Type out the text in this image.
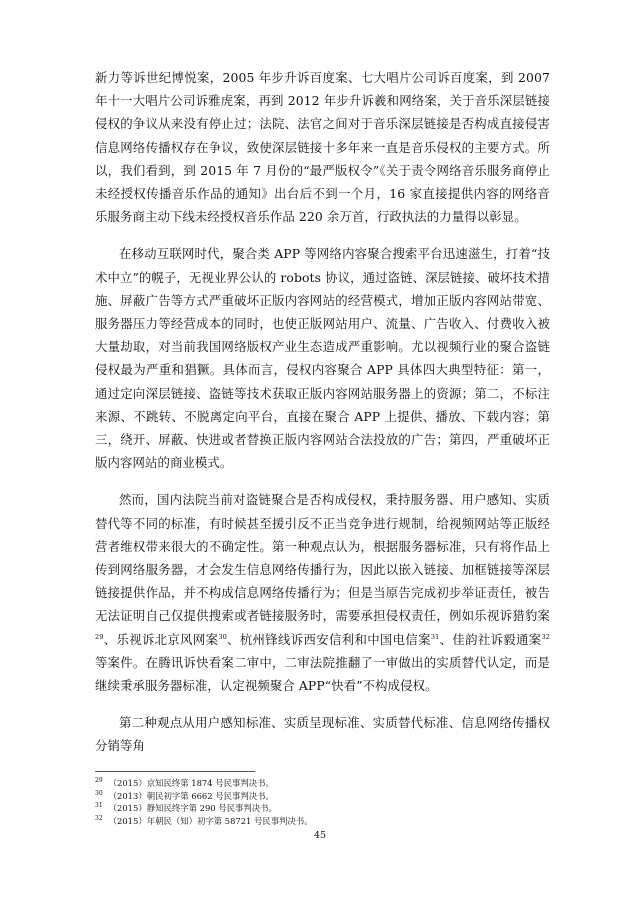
新力等诉世纪博悦案，2005 年步升诉百度案、七大唱片公司诉百度案，到 2007 年十一大唱片公司诉雅虎案，再到 2012 年步升诉羲和网络案，关于音乐深层链接侵权的争议从来没有停止过；法院、法官之间对于音乐深层链接是否构成直接侵害信息网络传播权存在争议，致使深层链接十多年来一直是音乐侵权的主要方式。所以，我们看到，到 2015 年 7 月份的“最严版权令”《关于责令网络音乐服务商停止未经授权传播音乐作品的通知》出台后不到一个月，16 家直接提供内容的网络音乐服务商主动下线未经授权音乐作品 220 余万首，行政执法的力量得以彰显。

在移动互联网时代，聚合类 APP 等网络内容聚合搜索平台迅速滋生，打着“技术中立”的幌子，无视业界公认的 robots 协议，通过盗链、深层链接、破坏技术措施、屏蔽广告等方式严重破坏正版内容网站的经营模式，增加正版内容网站带宽、服务器压力等经营成本的同时，也使正版网站用户、流量、广告收入、付费收入被大量劫取，对当前我国网络版权产业生态造成严重影响。尤以视频行业的聚合盗链侵权最为严重和猖獗。具体而言，侵权内容聚合 APP 具体四大典型特征：第一，通过定向深层链接、盗链等技术获取正版内容网站服务器上的资源；第二，不标注来源、不跳转、不脱离定向平台，直接在聚合 APP 上提供、播放、下载内容；第三，绕开、屏蔽、快进或者替换正版内容网站合法投放的广告；第四，严重破坏正版内容网站的商业模式。

然而，国内法院当前对盗链聚合是否构成侵权，秉持服务器、用户感知、实质替代等不同的标准，有时候甚至援引反不正当竞争进行规制，给视频网站等正版经营者维权带来很大的不确定性。第一种观点认为，根据服务器标准，只有将作品上传到网络服务器，才会发生信息网络传播行为，因此以嵌入链接、加框链接等深层链接提供作品，并不构成信息网络传播行为；但是当原告完成初步举证责任，被告无法证明自己仅提供搜索或者链接服务时，需要承担侵权责任，例如乐视诉猎豹案$^{29}$、乐视诉北京风网案$^{30}$、杭州锋线诉西安信利和中国电信案$^{31}$、佳韵社诉毅通案$^{32}$等案件。在腾讯诉快看案二审中，二审法院推翻了一审做出的实质替代认定，而是继续秉承服务器标准，认定视频聚合 APP“快看”不构成侵权。

第二种观点从用户感知标准、实质呈现标准、实质替代标准、信息网络传播权分销等角

$^{29}$ （2015）京知民终第 1874 号民事判决书。
$^{30}$ （2013）朝民初字第 6662 号民事判决书。
$^{31}$ （2015）静知民终字第 290 号民事判决书。
$^{32}$ （2015）年朝民（知）初字第 58721 号民事判决书。
45
